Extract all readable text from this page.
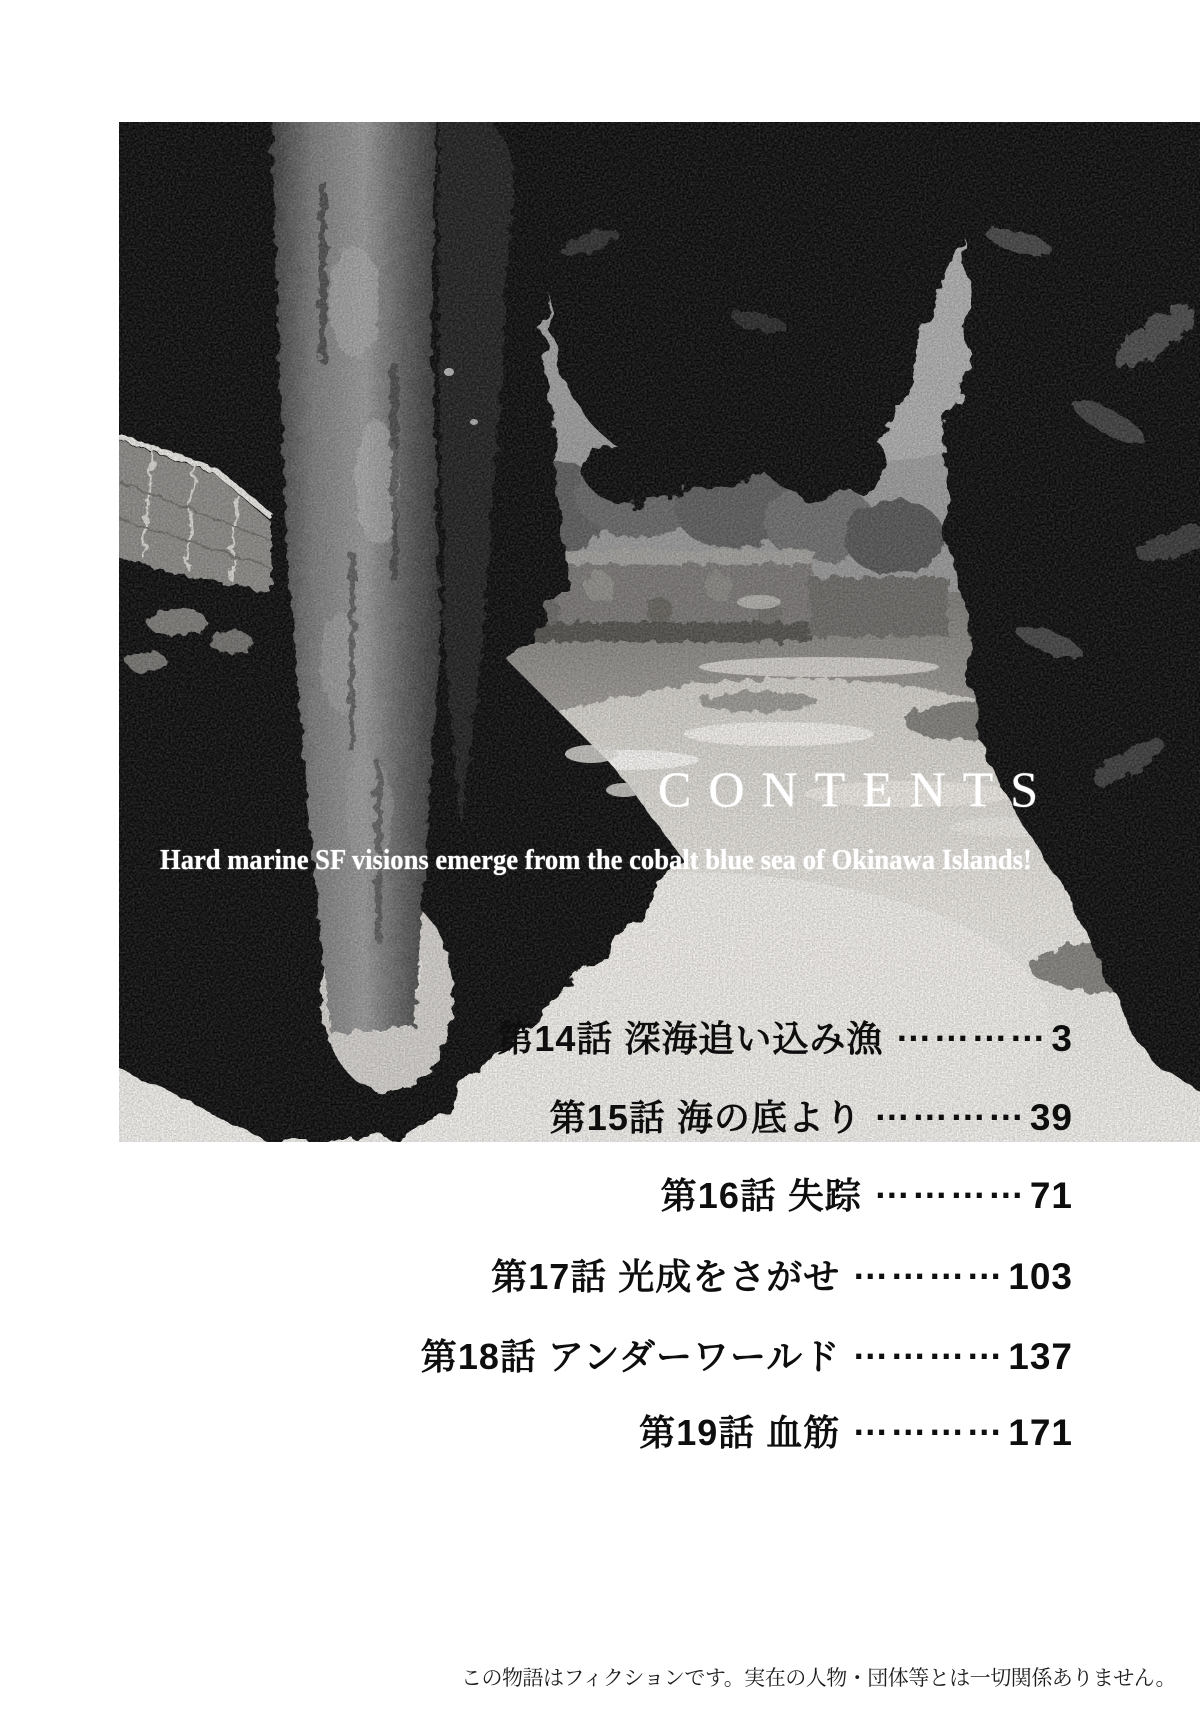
CONTENTS
Hard marine SF visions emerge from the cobalt blue sea of Okinawa Islands!
第14話 深海追い込み漁 ………… 3
第15話 海の底より ………… 39
第16話 失踪 ………… 71
第17話 光成をさがせ ………… 103
第18話 アンダーワールド ………… 137
第19話 血筋 ………… 171
この物語はフィクションです。実在の人物・団体等とは一切関係ありません。
